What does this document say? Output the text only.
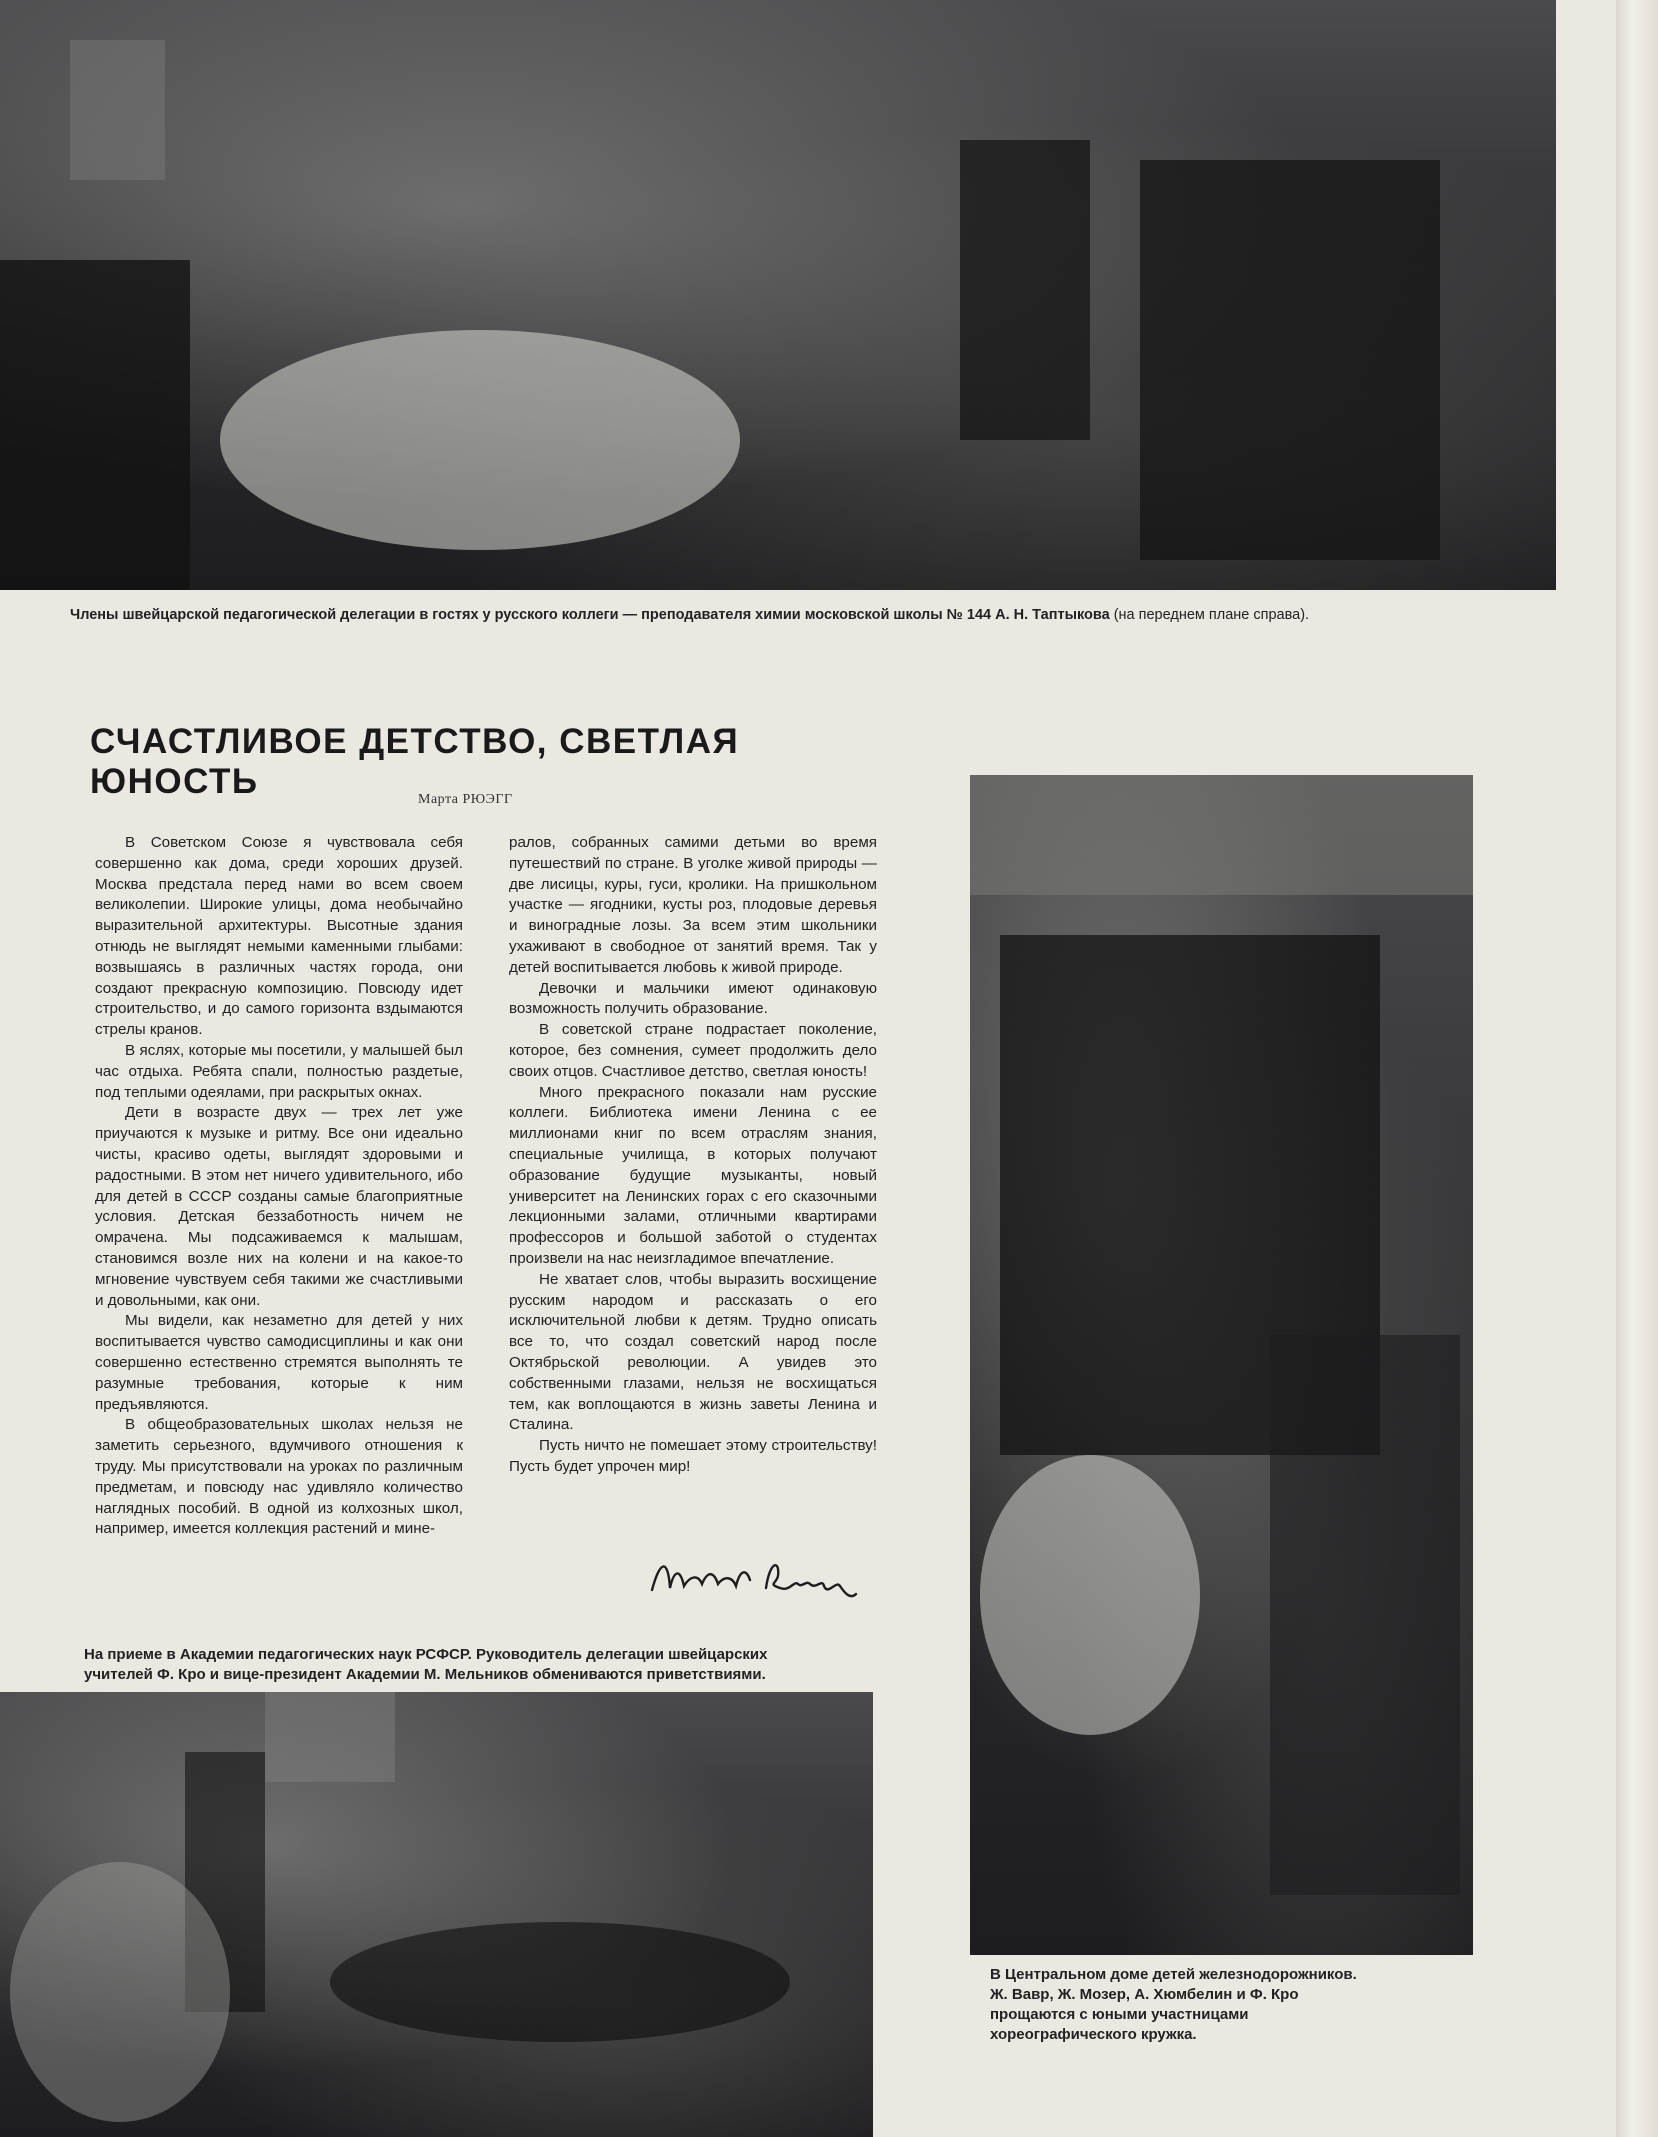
Члены швейцарской педагогической делегации в гостях у русского коллеги — преподавателя химии московской школы № 144 А. Н. Таптыкова (на переднем плане справа).
СЧАСТЛИВОЕ ДЕТСТВО, СВЕТЛАЯ ЮНОСТЬ	Марта РЮЭГГ

В Советском Союзе я чувствовала себя совершенно как дома, среди хороших друзей. Москва предстала перед нами во всем своем великолепии. Широкие улицы, дома необычайно выразительной архитектуры. Высотные здания отнюдь не выглядят немыми каменными глыбами: возвышаясь в различных частях города, они создают прекрасную композицию. Повсюду идет строительство, и до самого горизонта вздымаются стрелы кранов.

В яслях, которые мы посетили, у малышей был час отдыха. Ребята спали, полностью раздетые, под теплыми одеялами, при раскрытых окнах.

Дети в возрасте двух — трех лет уже приучаются к музыке и ритму. Все они идеально чисты, красиво одеты, выглядят здоровыми и радостными. В этом нет ничего удивительного, ибо для детей в СССР созданы самые благоприятные условия. Детская беззаботность ничем не омрачена. Мы подсаживаемся к малышам, становимся возле них на колени и на какое-то мгновение чувствуем себя такими же счастливыми и довольными, как они.

Мы видели, как незаметно для детей у них воспитывается чувство самодисциплины и как они совершенно естественно стремятся выполнять те разумные требования, которые к ним предъявляются.

В общеобразовательных школах нельзя не заметить серьезного, вдумчивого отношения к труду. Мы присутствовали на уроках по различным предметам, и повсюду нас удивляло количество наглядных пособий. В одной из колхозных школ, например, имеется коллекция растений и мине-

ралов, собранных самими детьми во время путешествий по стране. В уголке живой природы — две лисицы, куры, гуси, кролики. На пришкольном участке — ягодники, кусты роз, плодовые деревья и виноградные лозы. За всем этим школьники ухаживают в свободное от занятий время. Так у детей воспитывается любовь к живой природе.

Девочки и мальчики имеют одинаковую возможность получить образование.

В советской стране подрастает поколение, которое, без сомнения, сумеет продолжить дело своих отцов. Счастливое детство, светлая юность!

Много прекрасного показали нам русские коллеги. Библиотека имени Ленина с ее миллионами книг по всем отраслям знания, специальные училища, в которых получают образование будущие музыканты, новый университет на Ленинских горах с его сказочными лекционными залами, отличными квартирами профессоров и большой заботой о студентах произвели на нас неизгладимое впечатление.

Не хватает слов, чтобы выразить восхищение русским народом и рассказать о его исключительной любви к детям. Трудно описать все то, что создал советский народ после Октябрьской революции. А увидев это собственными глазами, нельзя не восхищаться тем, как воплощаются в жизнь заветы Ленина и Сталина.

Пусть ничто не помешает этому строительству! Пусть будет упрочен мир!

На приеме в Академии педагогических наук РСФСР. Руководитель делегации швейцарских учителей Ф. Кро и вице-президент Академии М. Мельников обмениваются приветствиями.
В Центральном доме детей железнодорожников. Ж. Вавр, Ж. Мозер, А. Хюмбелин и Ф. Кро прощаются с юными участницами хореографического кружка.
